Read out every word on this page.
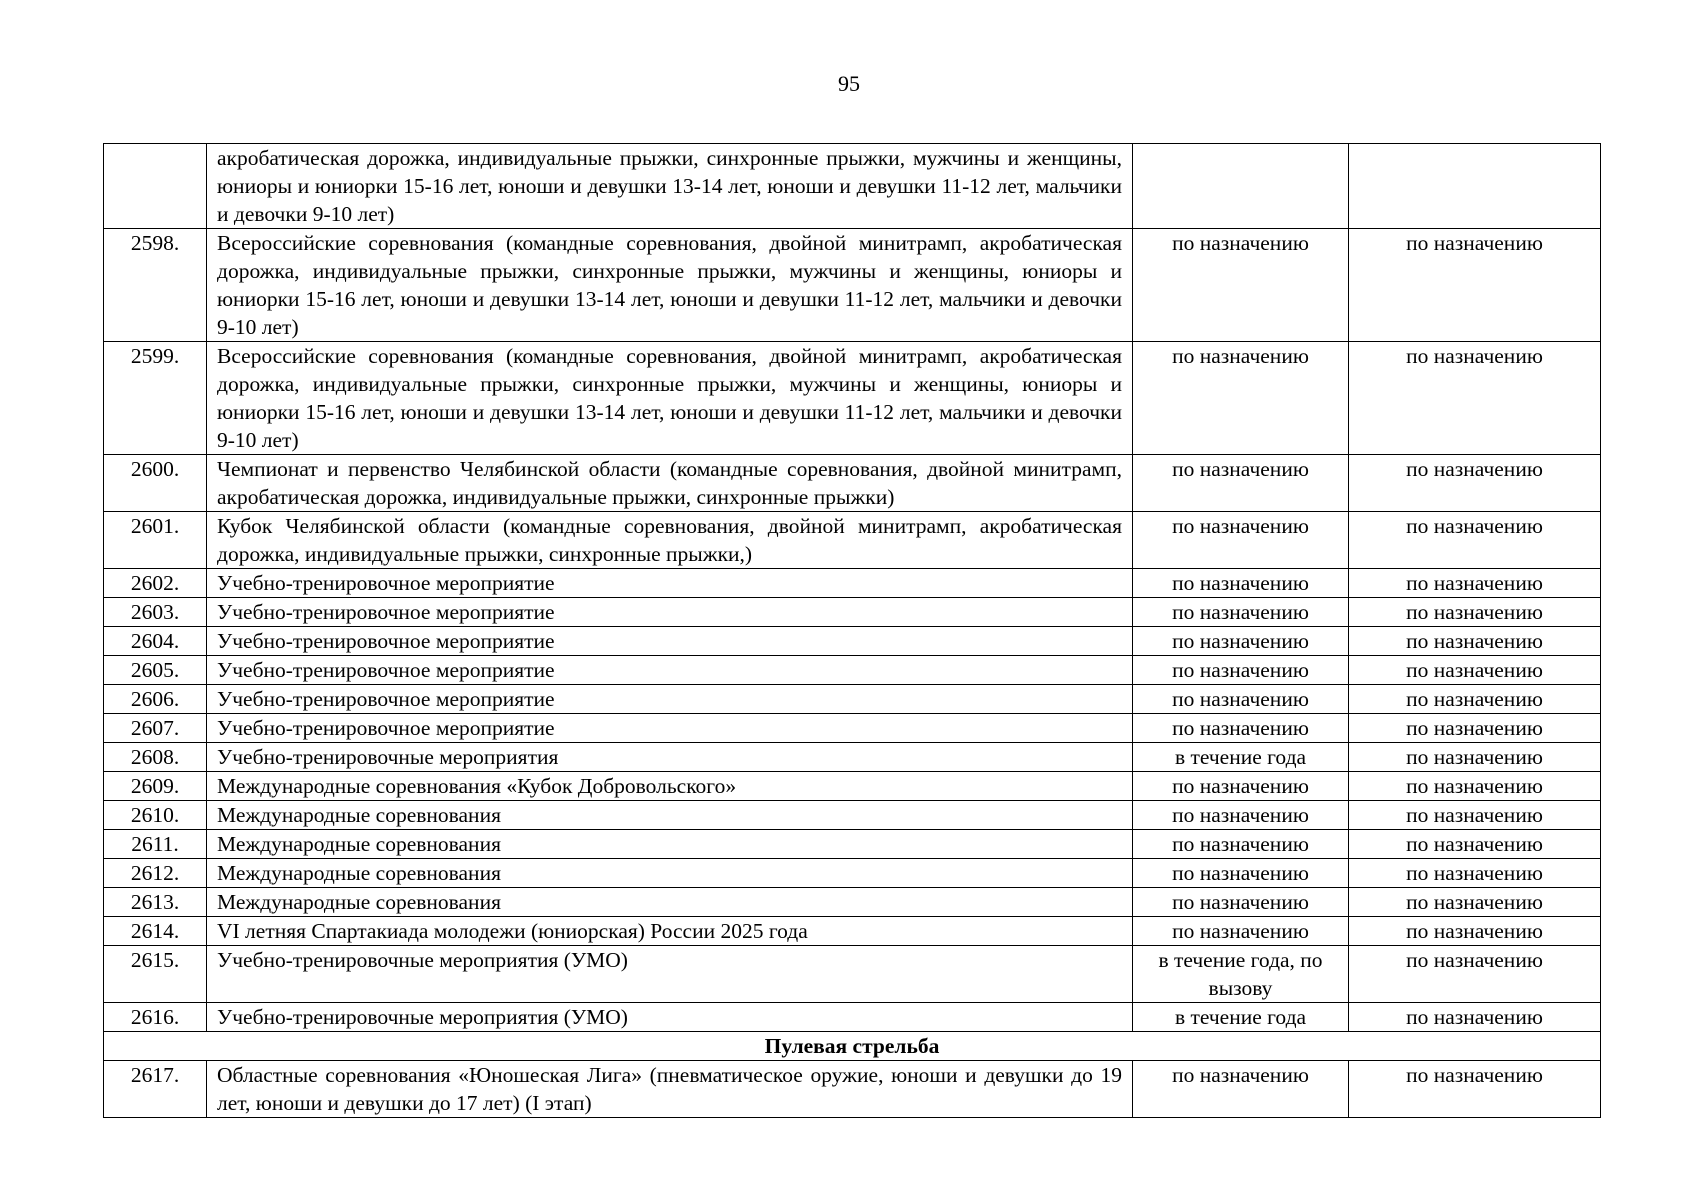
95
	акробатическая дорожка, индивидуальные прыжки, синхронные прыжки, мужчины и женщины, юниоры и юниорки 15-16 лет, юноши и девушки 13-14 лет, юноши и девушки 11-12 лет, мальчики и девочки 9-10 лет)		
2598.	Всероссийские соревнования (командные соревнования, двойной минитрамп, акробатическая дорожка, индивидуальные прыжки, синхронные прыжки, мужчины и женщины, юниоры и юниорки 15-16 лет, юноши и девушки 13-14 лет, юноши и девушки 11-12 лет, мальчики и девочки 9-10 лет)	по назначению	по назначению
2599.	Всероссийские соревнования (командные соревнования, двойной минитрамп, акробатическая дорожка, индивидуальные прыжки, синхронные прыжки, мужчины и женщины, юниоры и юниорки 15-16 лет, юноши и девушки 13-14 лет, юноши и девушки 11-12 лет, мальчики и девочки 9-10 лет)	по назначению	по назначению
2600.	Чемпионат и первенство Челябинской области (командные соревнования, двойной минитрамп, акробатическая дорожка, индивидуальные прыжки, синхронные прыжки)	по назначению	по назначению
2601.	Кубок Челябинской области (командные соревнования, двойной минитрамп, акробатическая дорожка, индивидуальные прыжки, синхронные прыжки,)	по назначению	по назначению
2602.	Учебно-тренировочное мероприятие	по назначению	по назначению
2603.	Учебно-тренировочное мероприятие	по назначению	по назначению
2604.	Учебно-тренировочное мероприятие	по назначению	по назначению
2605.	Учебно-тренировочное мероприятие	по назначению	по назначению
2606.	Учебно-тренировочное мероприятие	по назначению	по назначению
2607.	Учебно-тренировочное мероприятие	по назначению	по назначению
2608.	Учебно-тренировочные мероприятия	в течение года	по назначению
2609.	Международные соревнования «Кубок Добровольского»	по назначению	по назначению
2610.	Международные соревнования	по назначению	по назначению
2611.	Международные соревнования	по назначению	по назначению
2612.	Международные соревнования	по назначению	по назначению
2613.	Международные соревнования	по назначению	по назначению
2614.	VI летняя Спартакиада молодежи (юниорская) России 2025 года	по назначению	по назначению
2615.	Учебно-тренировочные мероприятия (УМО)	в течение года, по вызову	по назначению
2616.	Учебно-тренировочные мероприятия (УМО)	в течение года	по назначению
Пулевая стрельба			
2617.	Областные соревнования «Юношеская Лига» (пневматическое оружие, юноши и девушки до 19 лет, юноши и девушки до 17 лет) (I этап)	по назначению	по назначению
